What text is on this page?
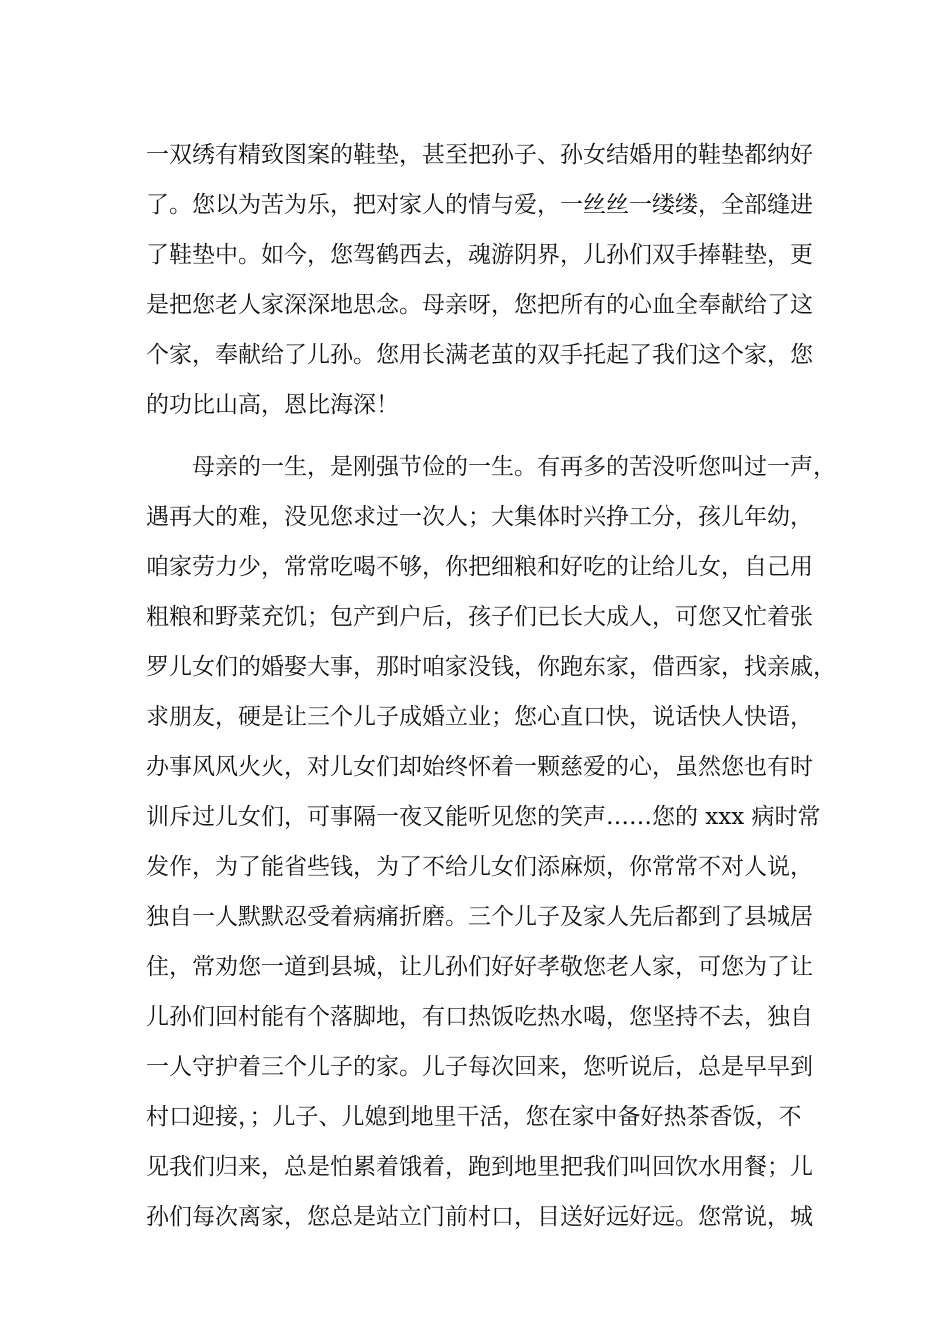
一双绣有精致图案的鞋垫，甚至把孙子、孙女结婚用的鞋垫都纳好
了。您以为苦为乐，把对家人的情与爱，一丝丝一缕缕，全部缝进
了鞋垫中。如今，您驾鹤西去，魂游阴界，儿孙们双手捧鞋垫，更
是把您老人家深深地思念。母亲呀，您把所有的心血全奉献给了这
个家，奉献给了儿孙。您用长满老茧的双手托起了我们这个家，您
的功比山高，恩比海深！
　　母亲的一生，是刚强节俭的一生。有再多的苦没听您叫过一声，
遇再大的难，没见您求过一次人；大集体时兴挣工分，孩儿年幼，
咱家劳力少，常常吃喝不够，你把细粮和好吃的让给儿女，自己用
粗粮和野菜充饥；包产到户后，孩子们已长大成人，可您又忙着张
罗儿女们的婚娶大事，那时咱家没钱，你跑东家，借西家，找亲戚，
求朋友，硬是让三个儿子成婚立业；您心直口快，说话快人快语，
办事风风火火，对儿女们却始终怀着一颗慈爱的心，虽然您也有时
训斥过儿女们，可事隔一夜又能听见您的笑声……您的 xxx 病时常
发作，为了能省些钱，为了不给儿女们添麻烦，你常常不对人说，
独自一人默默忍受着病痛折磨。三个儿子及家人先后都到了县城居
住，常劝您一道到县城，让儿孙们好好孝敬您老人家，可您为了让
儿孙们回村能有个落脚地，有口热饭吃热水喝，您坚持不去，独自
一人守护着三个儿子的家。儿子每次回来，您听说后，总是早早到
村口迎接，；儿子、儿媳到地里干活，您在家中备好热茶香饭，不
见我们归来，总是怕累着饿着，跑到地里把我们叫回饮水用餐；儿
孙们每次离家，您总是站立门前村口，目送好远好远。您常说，城
